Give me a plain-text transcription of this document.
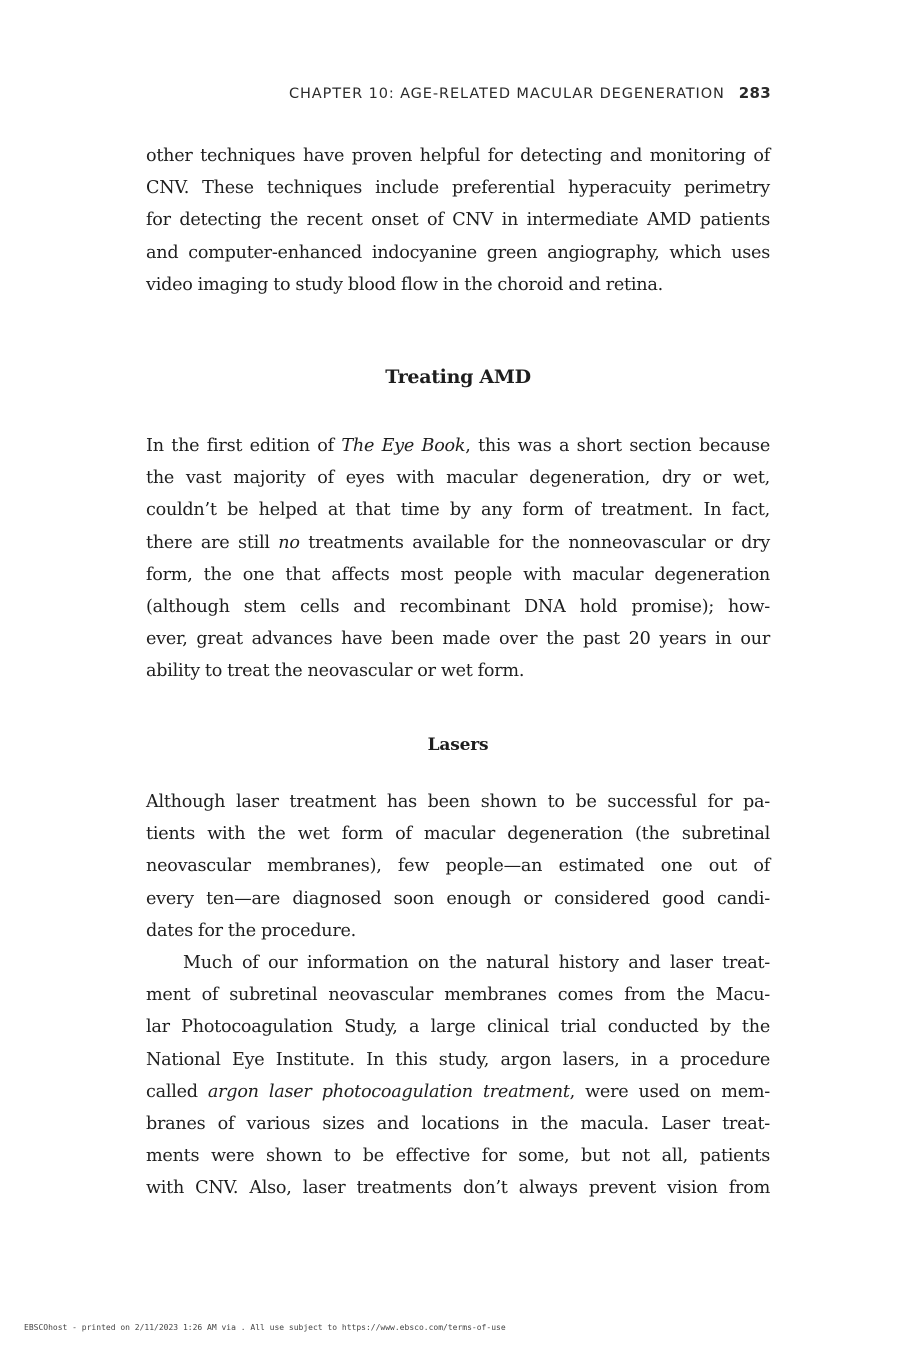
CHAPTER 10: AGE-RELATED MACULAR DEGENERATION 283
other techniques have proven helpful for detecting and monitoring of
CNV. These techniques include preferential hyperacuity perimetry
for detecting the recent onset of CNV in intermediate AMD patients
and computer-enhanced indocyanine green angiography, which uses
video imaging to study blood flow in the choroid and retina.
Treating AMD
In the first edition of The Eye Book, this was a short section because
the vast majority of eyes with macular degeneration, dry or wet,
couldn’t be helped at that time by any form of treatment. In fact,
there are still no treatments available for the nonneovascular or dry
form, the one that affects most people with macular degeneration
(although stem cells and recombinant DNA hold promise); how-
ever, great advances have been made over the past 20 years in our
ability to treat the neovascular or wet form.
Lasers
Although laser treatment has been shown to be successful for pa-
tients with the wet form of macular degeneration (the subretinal
neovascular membranes), few people—an estimated one out of
every ten—are diagnosed soon enough or considered good candi-
dates for the procedure.
Much of our information on the natural history and laser treat-
ment of subretinal neovascular membranes comes from the Macu-
lar Photocoagulation Study, a large clinical trial conducted by the
National Eye Institute. In this study, argon lasers, in a procedure
called argon laser photocoagulation treatment, were used on mem-
branes of various sizes and locations in the macula. Laser treat-
ments were shown to be effective for some, but not all, patients
with CNV. Also, laser treatments don’t always prevent vision from
EBSCOhost - printed on 2/11/2023 1:26 AM via . All use subject to https://www.ebsco.com/terms-of-use
